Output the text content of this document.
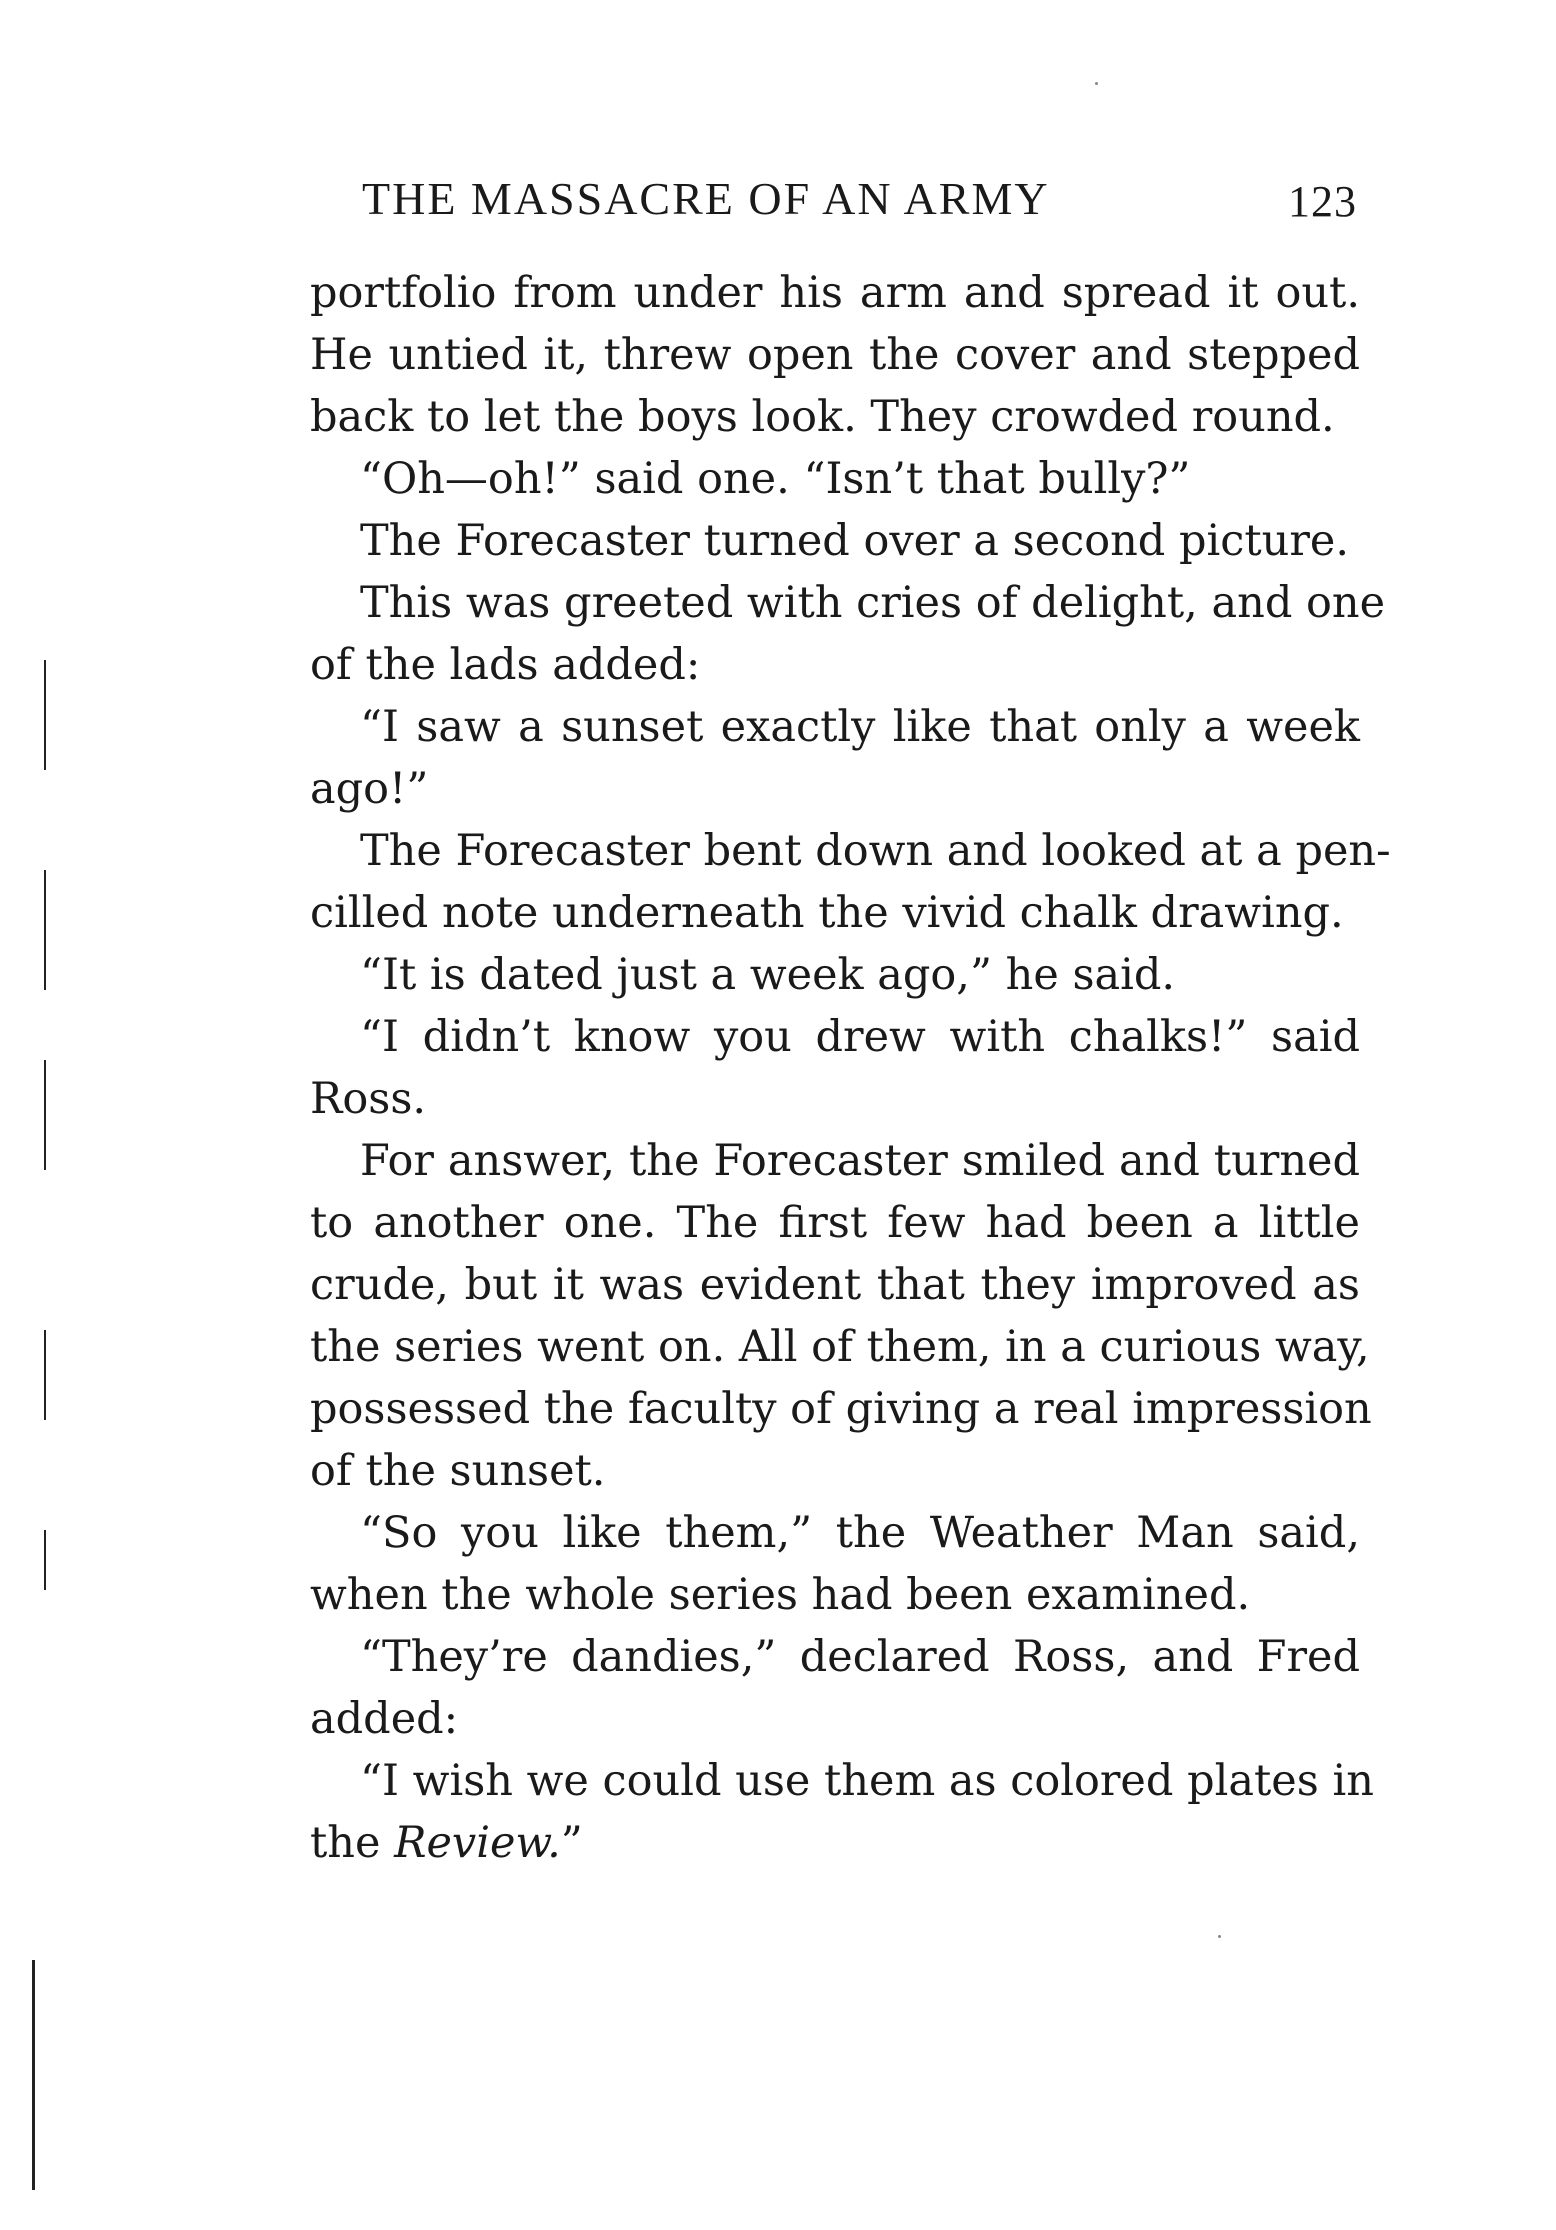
THE MASSACRE OF AN ARMY	123
portfolio from under his arm and spread it out.
He untied it, threw open the cover and stepped
back to let the boys look. They crowded round.
“Oh—oh!” said one. “Isn’t that bully?”
The Forecaster turned over a second picture.
This was greeted with cries of delight, and one
of the lads added:
“I saw a sunset exactly like that only a week
ago!”
The Forecaster bent down and looked at a pen-
cilled note underneath the vivid chalk drawing.
“It is dated just a week ago,” he said.
“I didn’t know you drew with chalks!” said
Ross.
For answer, the Forecaster smiled and turned
to another one. The first few had been a little
crude, but it was evident that they improved as
the series went on. All of them, in a curious way,
possessed the faculty of giving a real impression
of the sunset.
“So you like them,” the Weather Man said,
when the whole series had been examined.
“They’re dandies,” declared Ross, and Fred
added:
“I wish we could use them as colored plates in
the Review.”
